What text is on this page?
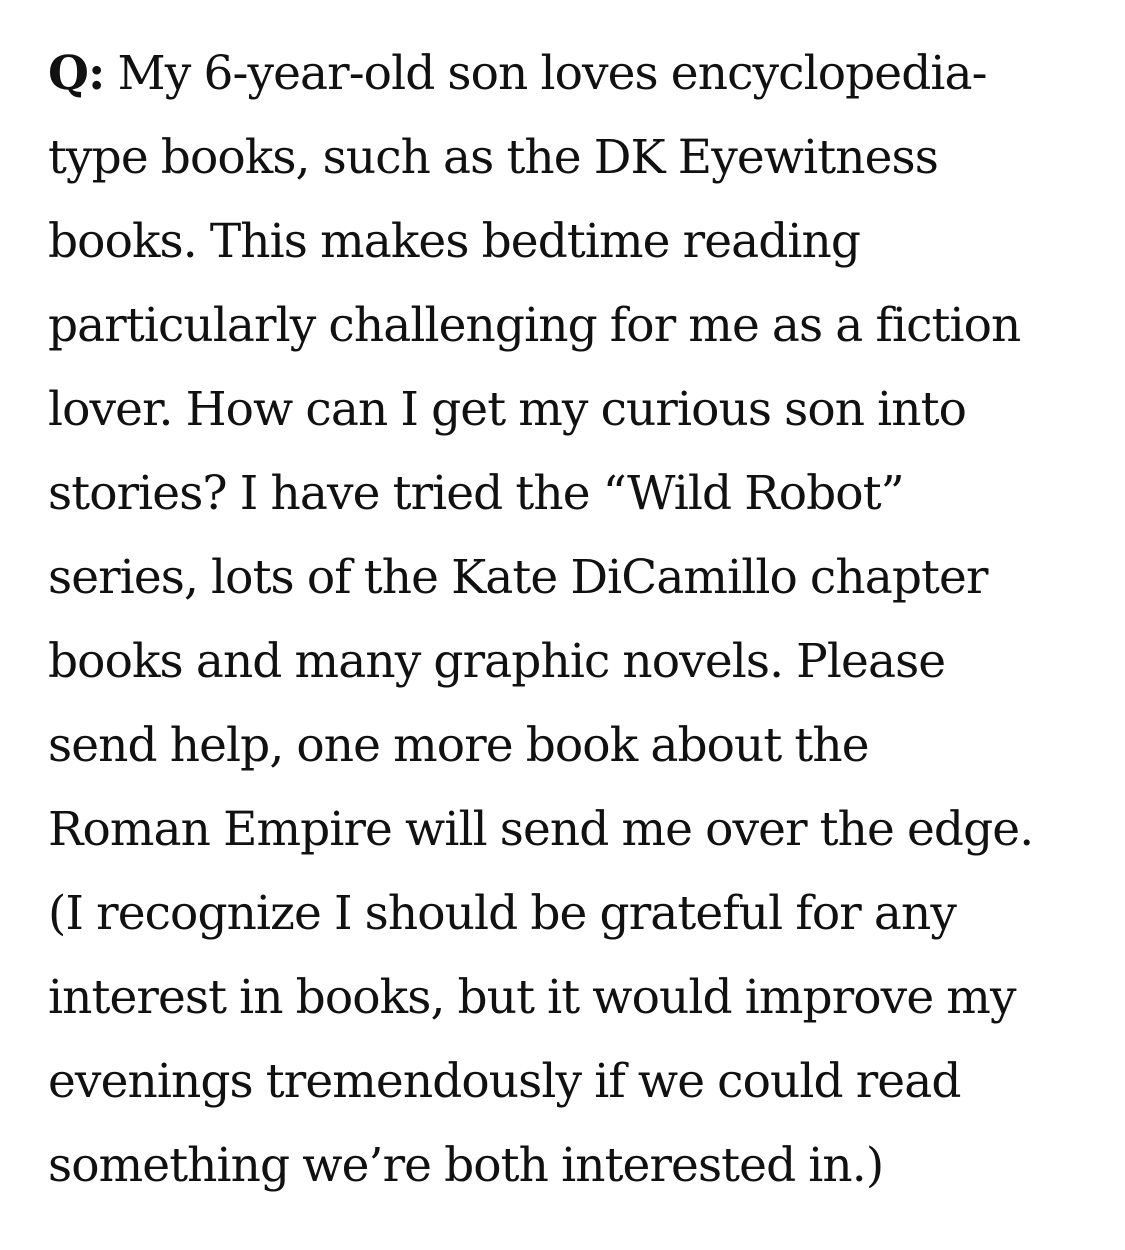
Q: My 6-year-old son loves encyclopedia-
type books, such as the DK Eyewitness
books. This makes bedtime reading
particularly challenging for me as a fiction
lover. How can I get my curious son into
stories? I have tried the “Wild Robot”
series, lots of the Kate DiCamillo chapter
books and many graphic novels. Please
send help, one more book about the
Roman Empire will send me over the edge.
(I recognize I should be grateful for any
interest in books, but it would improve my
evenings tremendously if we could read
something we’re both interested in.)
